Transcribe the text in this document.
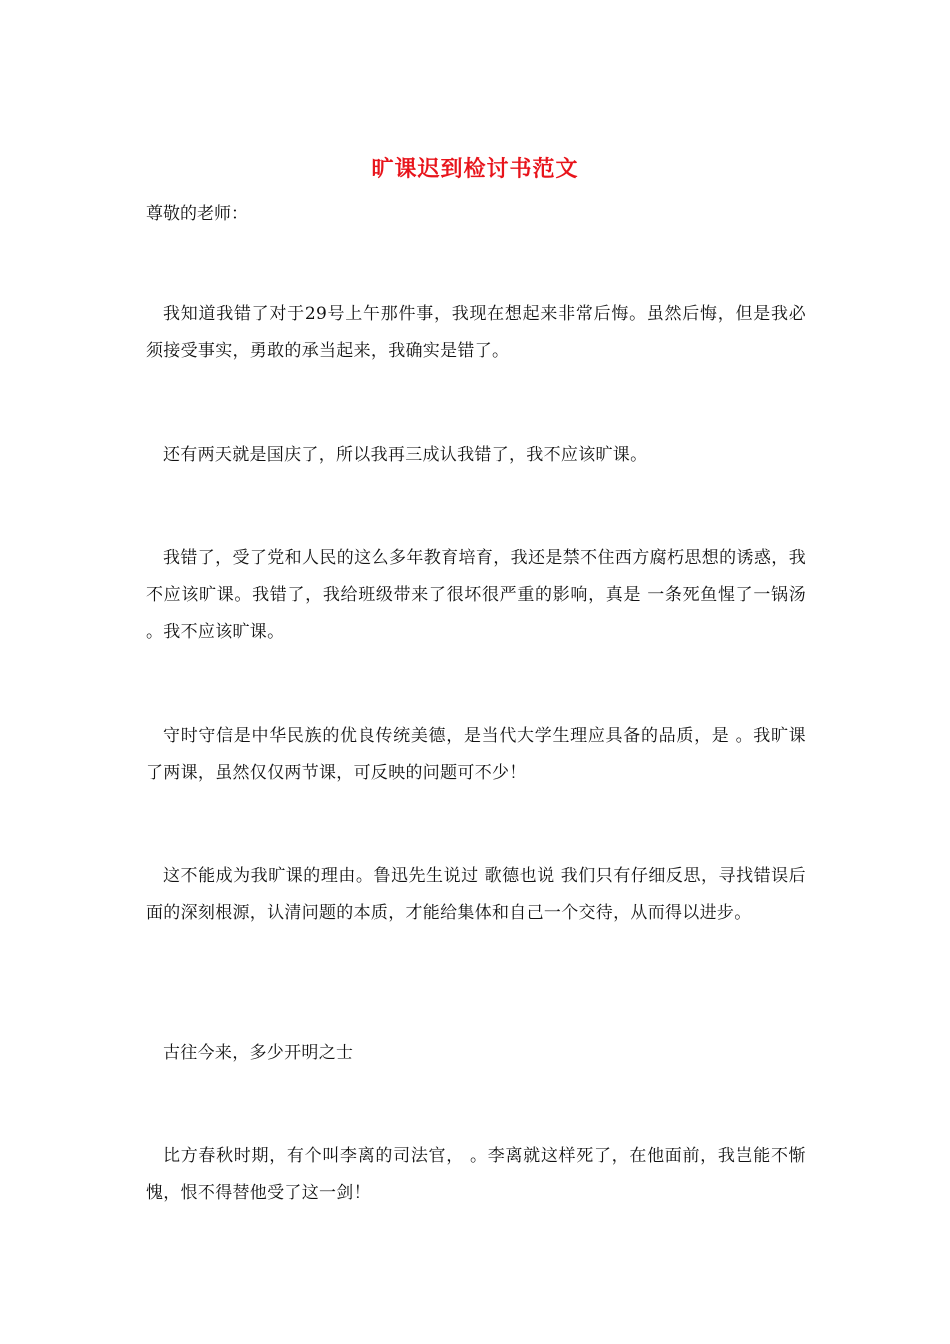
旷课迟到检讨书范文
尊敬的老师：

我知道我错了对于29号上午那件事，我现在想起来非常后悔。虽然后悔，但是我必须接受事实，勇敢的承当起来，我确实是错了。

还有两天就是国庆了，所以我再三成认我错了，我不应该旷课。

我错了，受了党和人民的这么多年教育培育，我还是禁不住西方腐朽思想的诱惑，我不应该旷课。我错了，我给班级带来了很坏很严重的影响，真是 一条死鱼惺了一锅汤 。我不应该旷课。

守时守信是中华民族的优良传统美德，是当代大学生理应具备的品质，是 。我旷课了两课，虽然仅仅两节课，可反映的问题可不少！

这不能成为我旷课的理由。鲁迅先生说过 歌德也说 我们只有仔细反思，寻找错误后面的深刻根源，认清问题的本质，才能给集体和自己一个交待，从而得以进步。

古往今来，多少开明之士

比方春秋时期，有个叫李离的司法官， 。李离就这样死了，在他面前，我岂能不惭愧，恨不得替他受了这一剑！
